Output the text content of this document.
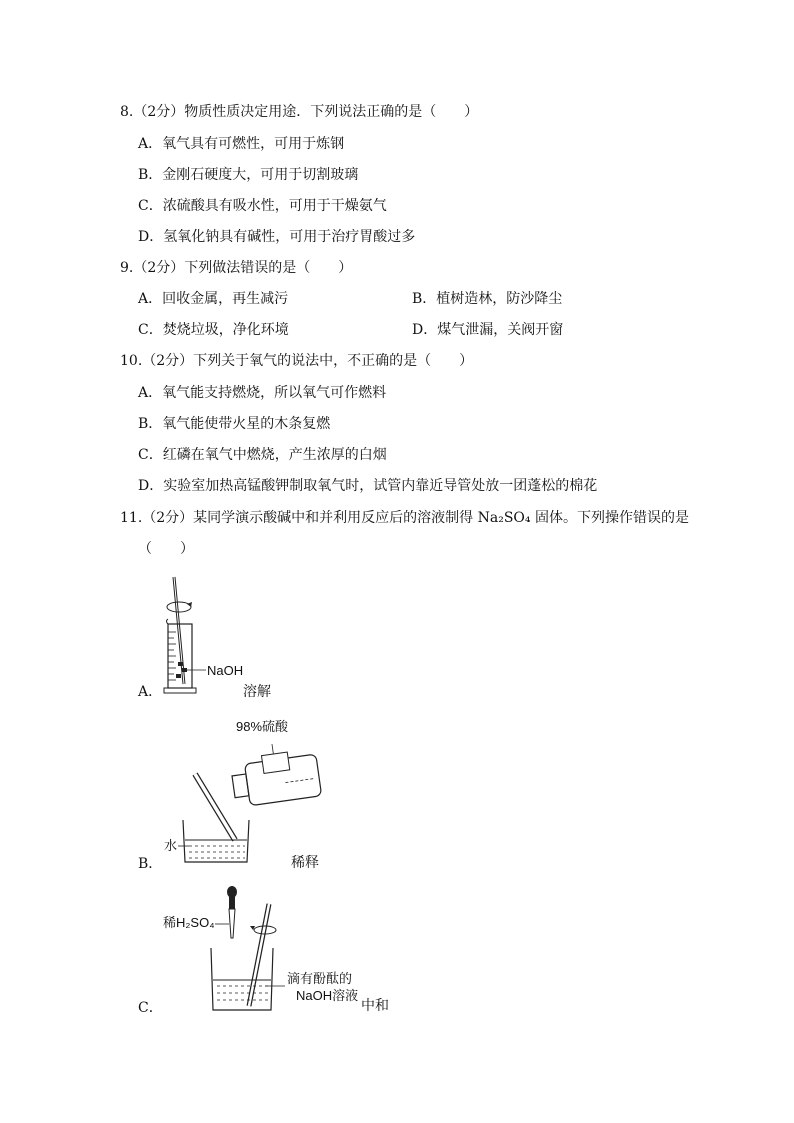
8.（2分）物质性质决定用途．下列说法正确的是（　　）
A．氧气具有可燃性，可用于炼钢
B．金刚石硬度大，可用于切割玻璃
C．浓硫酸具有吸水性，可用于干燥氨气
D．氢氧化钠具有碱性，可用于治疗胃酸过多
9.（2分）下列做法错误的是（　　）
A．回收金属，再生减污	B．植树造林，防沙降尘
C．焚烧垃圾，净化环境	D．煤气泄漏，关阀开窗
10.（2分）下列关于氧气的说法中，不正确的是（　　）
A．氧气能支持燃烧，所以氧气可作燃料
B．氧气能使带火星的木条复燃
C．红磷在氧气中燃烧，产生浓厚的白烟
D．实验室加热高锰酸钾制取氧气时，试管内靠近导管处放一团蓬松的棉花
11.（2分）某同学演示酸碱中和并利用反应后的溶液制得 Na₂SO₄ 固体。下列操作错误的是
（　　）
NaOH
A．	溶解
98%硫酸
水
B．	稀释
稀H₂SO₄
滴有酚酞的
NaOH溶液
C．	中和
